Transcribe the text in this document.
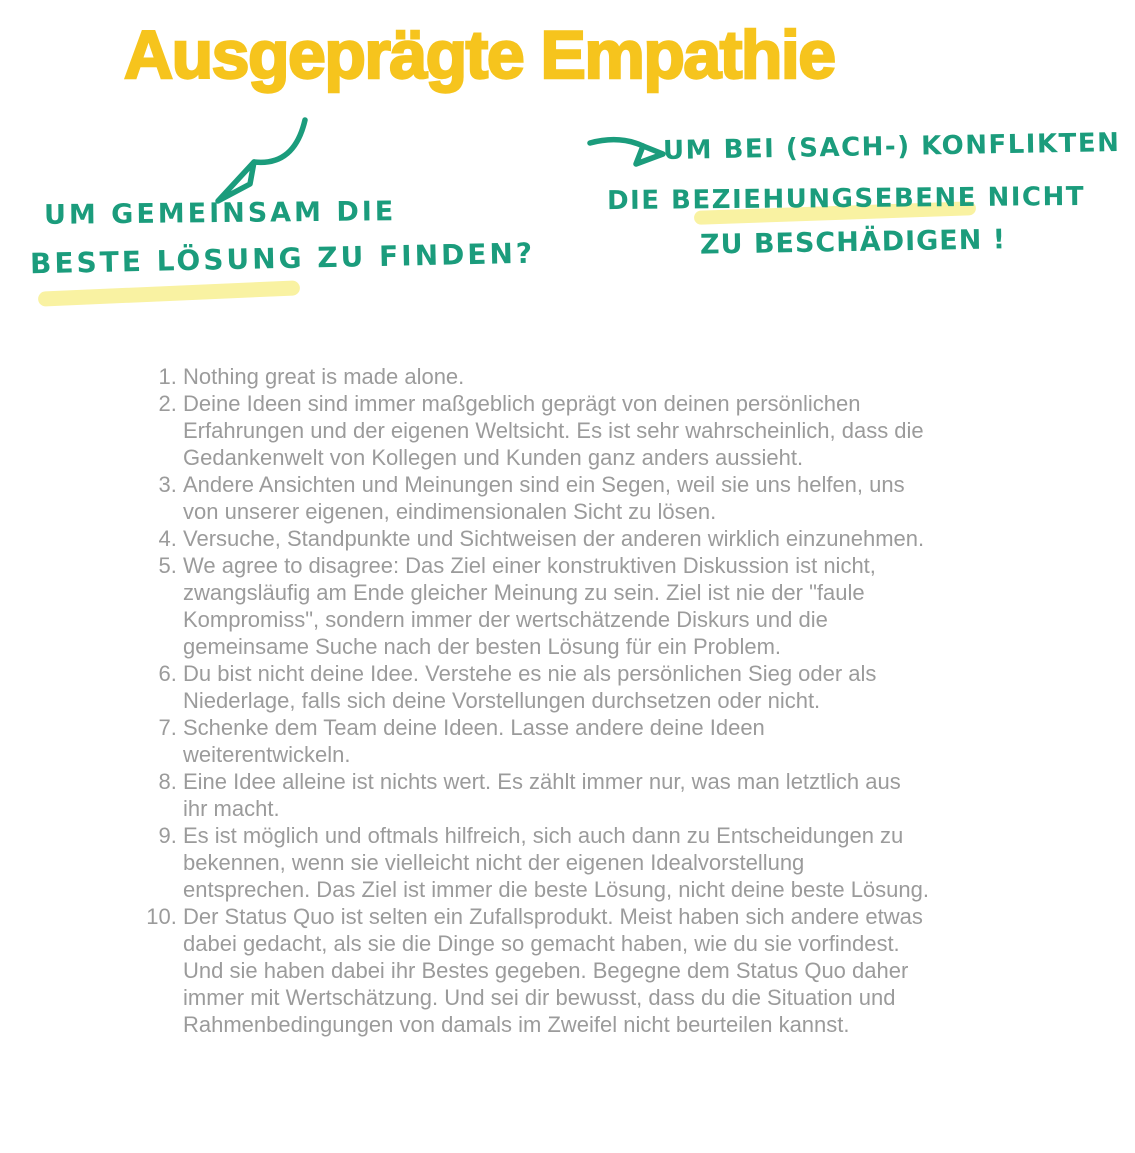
Ausgeprägte Empathie
UM GEMEINSAM DIE
BESTE LÖSUNG ZU FINDEN?
UM BEI (SACH-) KONFLIKTEN
DIE BEZIEHUNGSEBENE NICHT
ZU BESCHÄDIGEN !
1. Nothing great is made alone.
2. Deine Ideen sind immer maßgeblich geprägt von deinen persönlichen Erfahrungen und der eigenen Weltsicht. Es ist sehr wahrscheinlich, dass die Gedankenwelt von Kollegen und Kunden ganz anders aussieht.
3. Andere Ansichten und Meinungen sind ein Segen, weil sie uns helfen, uns von unserer eigenen, eindimensionalen Sicht zu lösen.
4. Versuche, Standpunkte und Sichtweisen der anderen wirklich einzunehmen.
5. We agree to disagree: Das Ziel einer konstruktiven Diskussion ist nicht, zwangsläufig am Ende gleicher Meinung zu sein. Ziel ist nie der "faule Kompromiss", sondern immer der wertschätzende Diskurs und die gemeinsame Suche nach der besten Lösung für ein Problem.
6. Du bist nicht deine Idee. Verstehe es nie als persönlichen Sieg oder als Niederlage, falls sich deine Vorstellungen durchsetzen oder nicht.
7. Schenke dem Team deine Ideen. Lasse andere deine Ideen weiterentwickeln.
8. Eine Idee alleine ist nichts wert. Es zählt immer nur, was man letztlich aus ihr macht.
9. Es ist möglich und oftmals hilfreich, sich auch dann zu Entscheidungen zu bekennen, wenn sie vielleicht nicht der eigenen Idealvorstellung entsprechen. Das Ziel ist immer die beste Lösung, nicht deine beste Lösung.
10. Der Status Quo ist selten ein Zufallsprodukt. Meist haben sich andere etwas dabei gedacht, als sie die Dinge so gemacht haben, wie du sie vorfindest. Und sie haben dabei ihr Bestes gegeben. Begegne dem Status Quo daher immer mit Wertschätzung. Und sei dir bewusst, dass du die Situation und Rahmenbedingungen von damals im Zweifel nicht beurteilen kannst.
